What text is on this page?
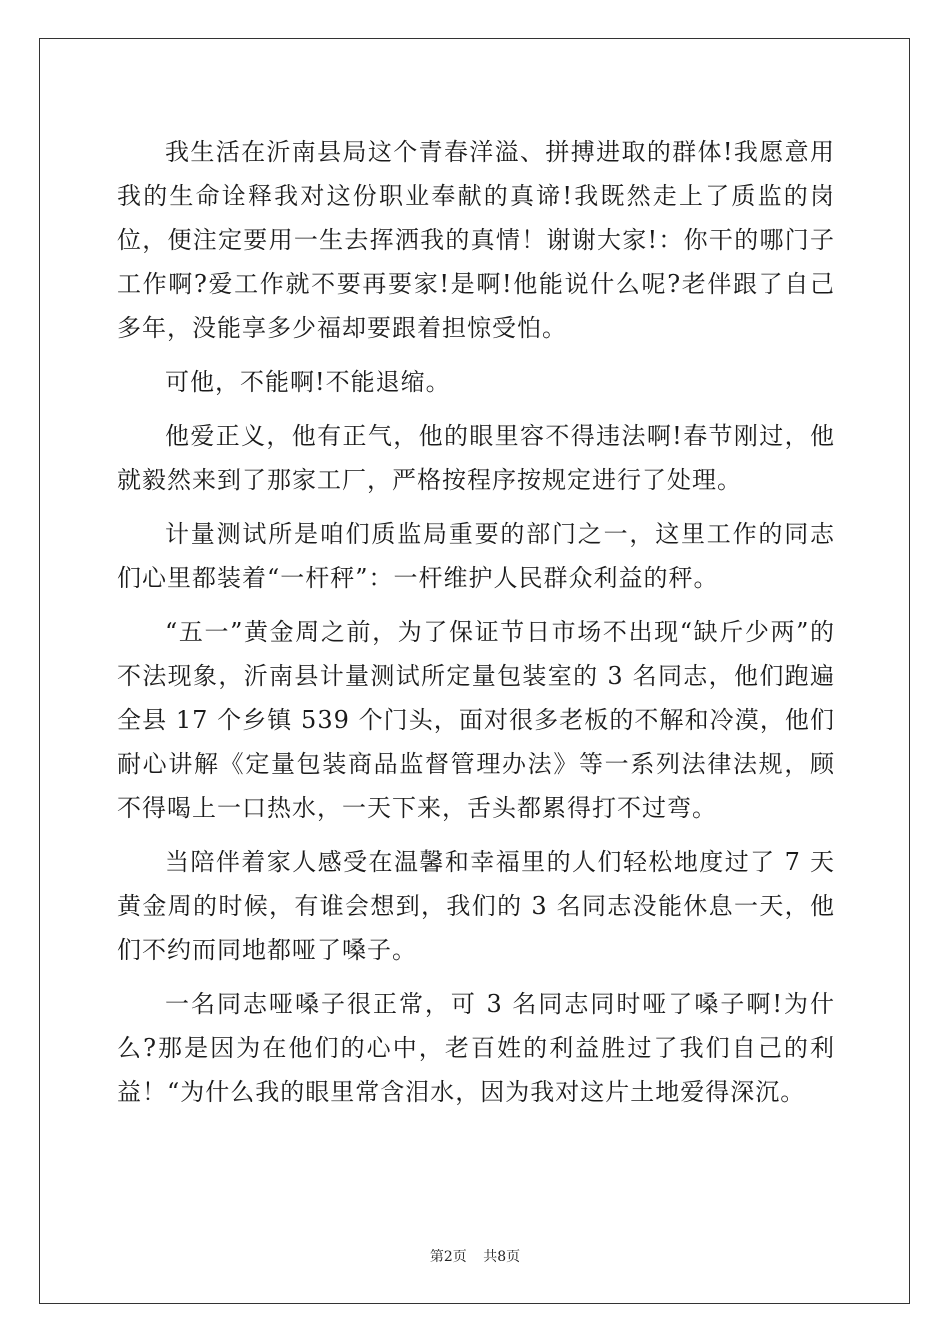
我生活在沂南县局这个青春洋溢、拼搏进取的群体!我愿意用我的生命诠释我对这份职业奉献的真谛!我既然走上了质监的岗位，便注定要用一生去挥洒我的真情！谢谢大家!：你干的哪门子工作啊?爱工作就不要再要家!是啊!他能说什么呢?老伴跟了自己多年，没能享多少福却要跟着担惊受怕。

可他，不能啊!不能退缩。

他爱正义，他有正气，他的眼里容不得违法啊!春节刚过，他就毅然来到了那家工厂，严格按程序按规定进行了处理。

计量测试所是咱们质监局重要的部门之一，这里工作的同志们心里都装着“一杆秤”：一杆维护人民群众利益的秤。

“五一”黄金周之前，为了保证节日市场不出现“缺斤少两”的不法现象，沂南县计量测试所定量包装室的 3 名同志，他们跑遍全县 17 个乡镇 539 个门头，面对很多老板的不解和冷漠，他们耐心讲解《定量包装商品监督管理办法》等一系列法律法规，顾不得喝上一口热水，一天下来，舌头都累得打不过弯。

当陪伴着家人感受在温馨和幸福里的人们轻松地度过了 7 天黄金周的时候，有谁会想到，我们的 3 名同志没能休息一天，他们不约而同地都哑了嗓子。

一名同志哑嗓子很正常，可 3 名同志同时哑了嗓子啊!为什么?那是因为在他们的心中，老百姓的利益胜过了我们自己的利益！“为什么我的眼里常含泪水，因为我对这片土地爱得深沉。

第2页 共8页
